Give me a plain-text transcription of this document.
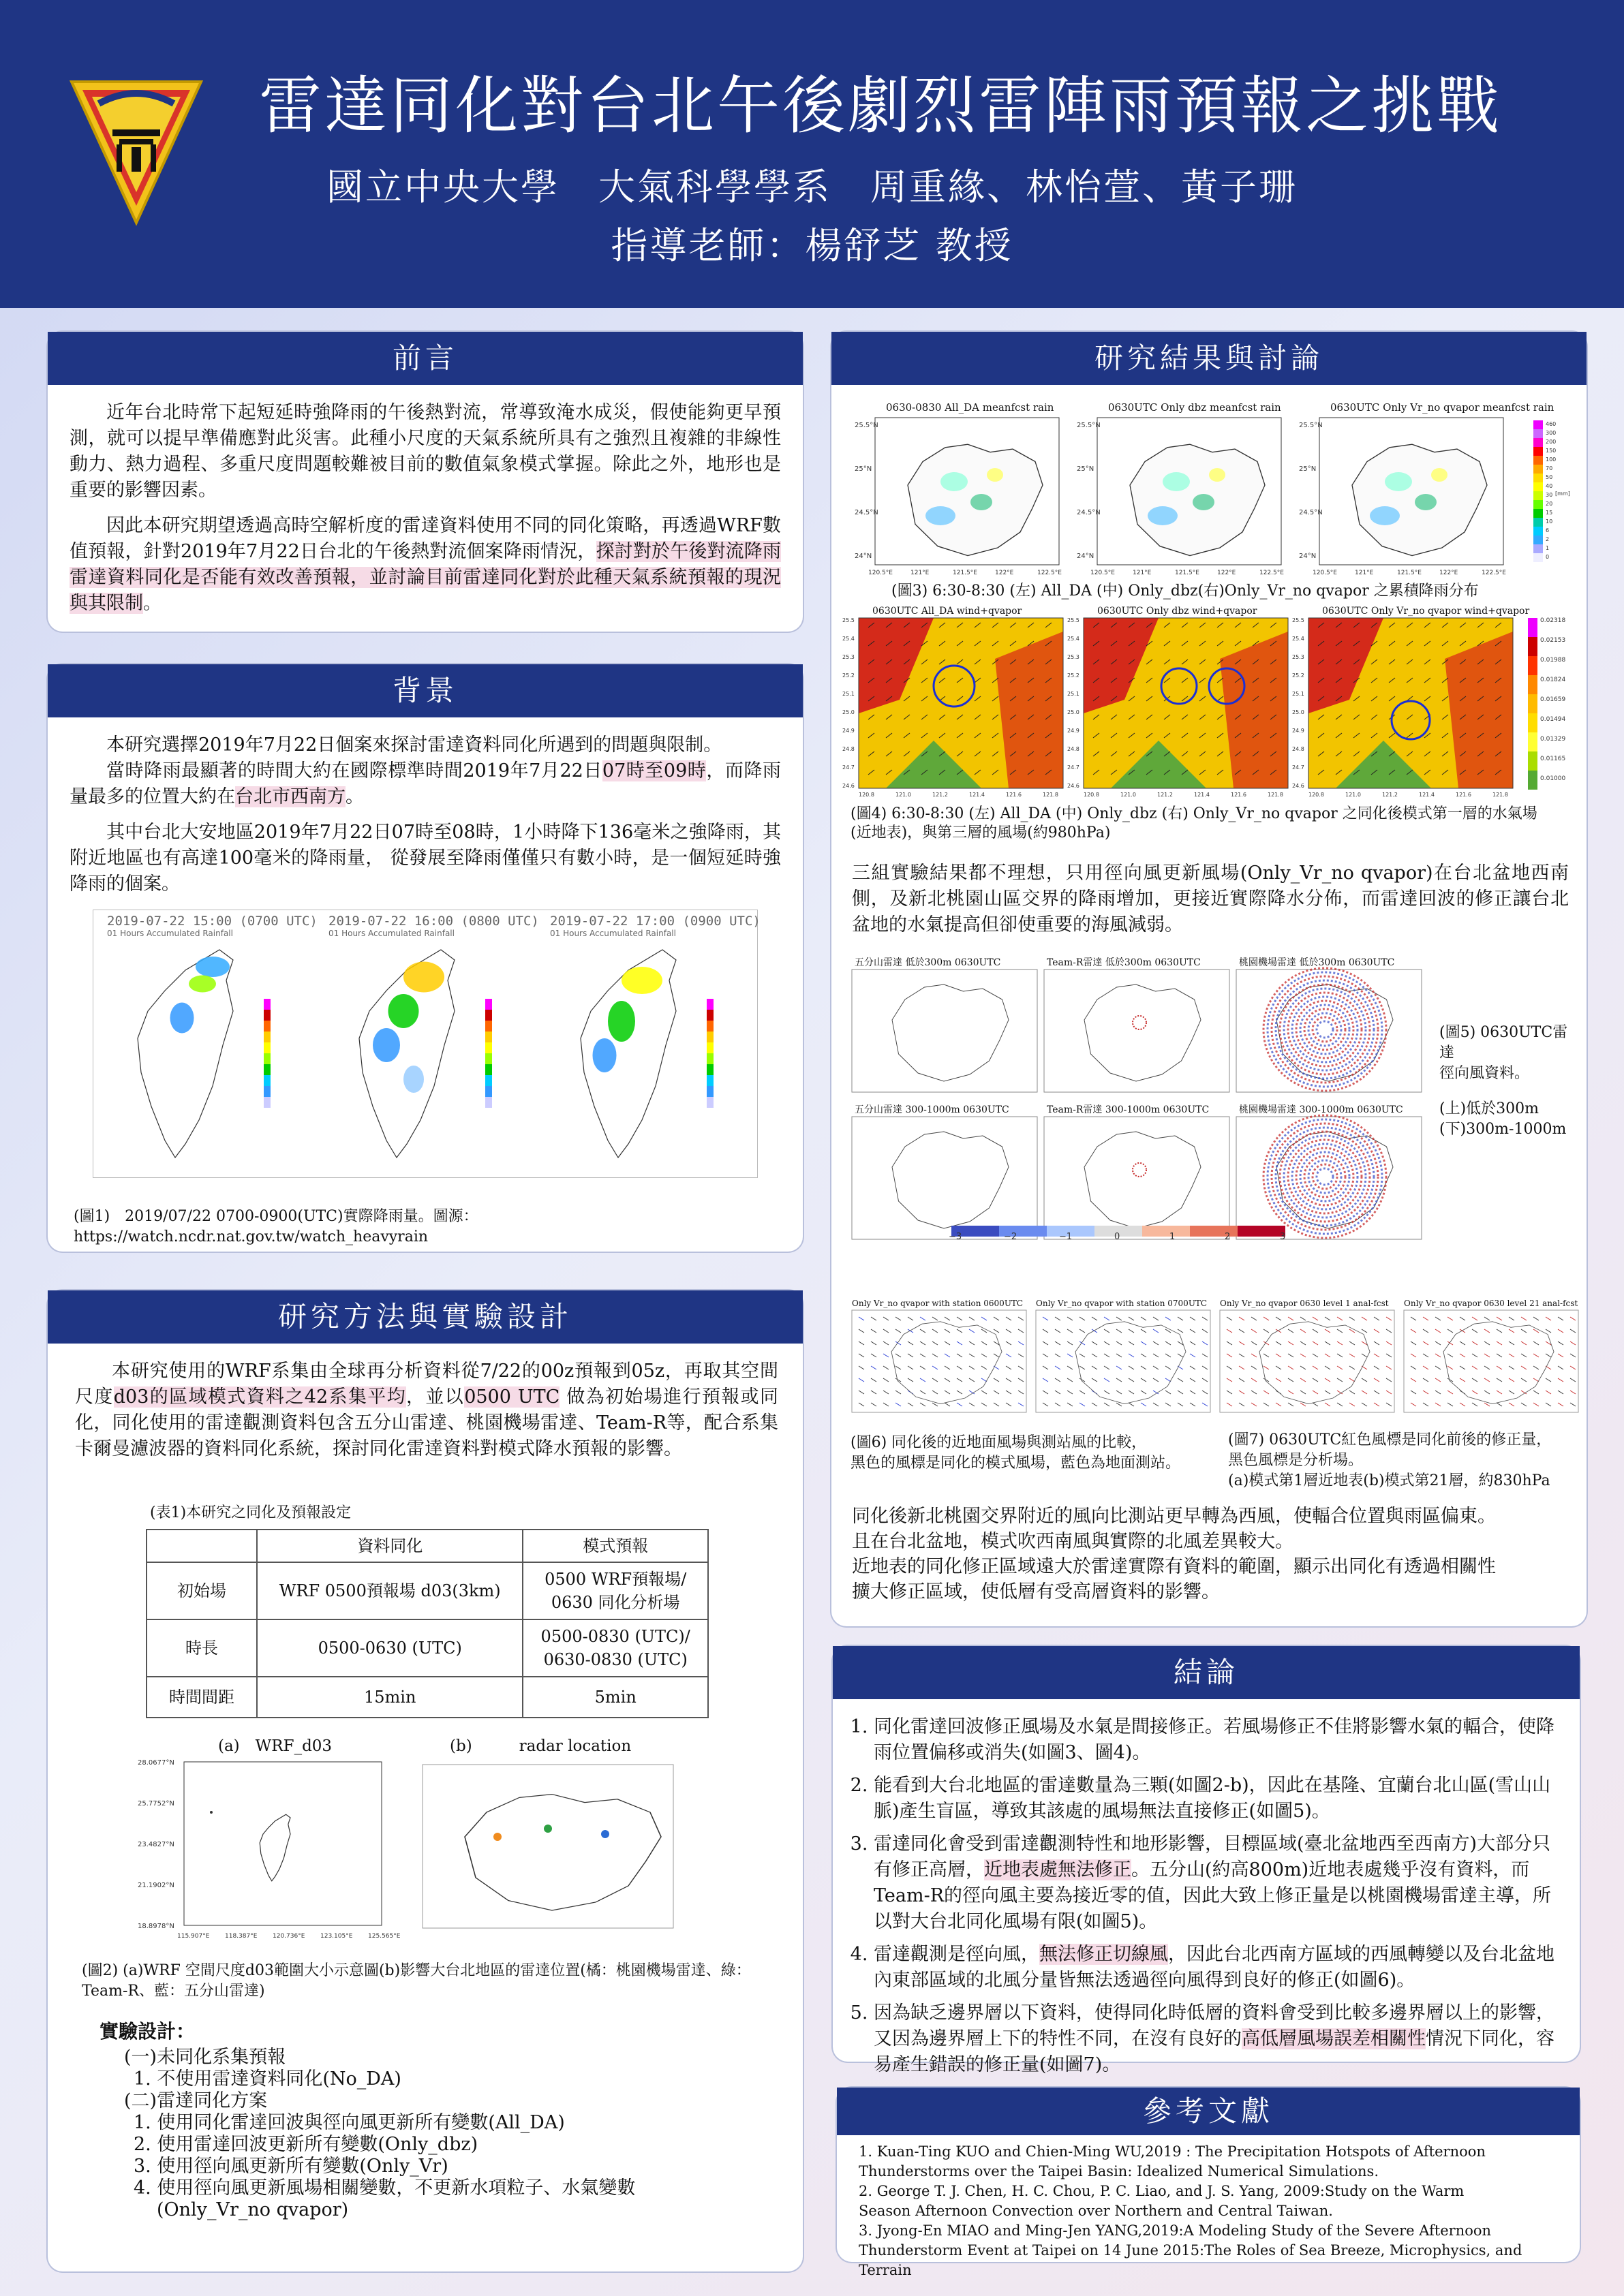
雷達同化對台北午後劇烈雷陣雨預報之挑戰
國立中央大學　大氣科學學系　周重緣、林怡萱、黃子珊
指導老師：楊舒芝 教授
前言
近年台北時常下起短延時強降雨的午後熱對流，常導致淹水成災，假使能夠更早預測，就可以提早準備應對此災害。此種小尺度的天氣系統所具有之強烈且複雜的非線性動力、熱力過程、多重尺度問題較難被目前的數值氣象模式掌握。除此之外，地形也是重要的影響因素。
因此本研究期望透過高時空解析度的雷達資料使用不同的同化策略，再透過WRF數值預報，針對2019年7月22日台北的午後熱對流個案降雨情況，探討對於午後對流降雨雷達資料同化是否能有效改善預報，並討論目前雷達同化對於此種天氣系統預報的現況與其限制。
背景
本研究選擇2019年7月22日個案來探討雷達資料同化所遇到的問題與限制。
當時降雨最顯著的時間大約在國際標準時間2019年7月22日07時至09時，而降雨量最多的位置大約在台北市西南方。
其中台北大安地區2019年7月22日07時至08時，1小時降下136毫米之強降雨，其附近地區也有高達100毫米的降雨量， 從發展至降雨僅僅只有數小時，是一個短延時強降雨的個案。
2019-07-22 15:00 (0700 UTC)
01 Hours Accumulated Rainfall
2019-07-22 16:00 (0800 UTC)
01 Hours Accumulated Rainfall
2019-07-22 17:00 (0900 UTC)
01 Hours Accumulated Rainfall
(圖1)　2019/07/22 0700-0900(UTC)實際降雨量。圖源：https://watch.ncdr.nat.gov.tw/watch_heavyrain
研究方法與實驗設計
本研究使用的WRF系集由全球再分析資料從7/22的00z預報到05z，再取其空間尺度d03的區域模式資料之42系集平均，並以0500 UTC 做為初始場進行預報或同化，同化使用的雷達觀測資料包含五分山雷達、桃園機場雷達、Team-R等，配合系集卡爾曼濾波器的資料同化系統，探討同化雷達資料對模式降水預報的影響。
(表1)本研究之同化及預報設定
	資料同化	模式預報
初始場	WRF 0500預報場 d03(3km)	0500 WRF預報場/
0630 同化分析場
時長	0500-0630 (UTC)	0500-0830 (UTC)/
0630-0830 (UTC)
時間間距	15min	5min
(a)　WRF_d03	(b)　　　radar location
28.0677°N
25.7752°N
23.4827°N
21.1902°N
18.8978°N
115.907°E	118.387°E	120.736°E	123.105°E	125.565°E
(圖2) (a)WRF 空間尺度d03範圍大小示意圖(b)影響大台北地區的雷達位置(橘：桃園機場雷達、綠：Team-R、藍：五分山雷達)
實驗設計：
(一)未同化系集預報
1. 不使用雷達資料同化(No_DA)
(二)雷達同化方案
1. 使用同化雷達回波與徑向風更新所有變數(All_DA)
2. 使用雷達回波更新所有變數(Only_dbz)
3. 使用徑向風更新所有變數(Only_Vr)
4. 使用徑向風更新風場相關變數，不更新水項粒子、水氣變數
(Only_Vr_no qvapor)
研究結果與討論
0630-0830 All_DA meanfcst rain
25.5°N
25°N
24.5°N
24°N
120.5°E	121°E	121.5°E	122°E	122.5°E
0630UTC Only dbz meanfcst rain
25.5°N
25°N
24.5°N
24°N
120.5°E	121°E	121.5°E	122°E	122.5°E
0630UTC Only Vr_no qvapor meanfcst rain
25.5°N
25°N
24.5°N
24°N
120.5°E	121°E	121.5°E	122°E	122.5°E
460
300
200
150
100
70
50
40
30
20
15
10
6
2
1
0
[mm]
(圖3) 6:30-8:30 (左) All_DA (中) Only_dbz(右)Only_Vr_no qvapor 之累積降雨分布
0630UTC All_DA wind+qvapor
25.5
25.4
25.3
25.2
25.1
25.0
24.9
24.8
24.7
24.6
120.8	121.0	121.2	121.4	121.6	121.8
0630UTC Only dbz wind+qvapor
25.5
25.4
25.3
25.2
25.1
25.0
24.9
24.8
24.7
24.6
120.8	121.0	121.2	121.4	121.6	121.8
0630UTC Only Vr_no qvapor wind+qvapor
25.5
25.4
25.3
25.2
25.1
25.0
24.9
24.8
24.7
24.6
120.8	121.0	121.2	121.4	121.6	121.8
0.02318
0.02153
0.01988
0.01824
0.01659
0.01494
0.01329
0.01165
0.01000
(圖4) 6:30-8:30 (左) All_DA (中) Only_dbz (右) Only_Vr_no qvapor 之同化後模式第一層的水氣場
(近地表)，與第三層的風場(約980hPa)
三組實驗結果都不理想，只用徑向風更新風場(Only_Vr_no qvapor)在台北盆地西南側，及新北桃園山區交界的降雨增加，更接近實際降水分佈，而雷達回波的修正讓台北盆地的水氣提高但卻使重要的海風減弱。
五分山雷達 低於300m 0630UTC	Team-R雷達 低於300m 0630UTC	桃園機場雷達 低於300m 0630UTC
五分山雷達 300-1000m 0630UTC	Team-R雷達 300-1000m 0630UTC	桃園機場雷達 300-1000m 0630UTC
−3	−2	−1	0	1	2	3
(圖5) 0630UTC雷達
徑向風資料。
(上)低於300m
(下)300m-1000m
Only Vr_no qvapor with station 0600UTC Only Vr_no qvapor with station 0700UTC Only Vr_no qvapor 0630 level 1 anal-fcst Only Vr_no qvapor 0630 level 21 anal-fcst
(圖6) 同化後的近地面風場與測站風的比較，
黑色的風標是同化的模式風場，藍色為地面測站。
(圖7) 0630UTC紅色風標是同化前後的修正量，
黑色風標是分析場。
(a)模式第1層近地表(b)模式第21層，約830hPa
同化後新北桃園交界附近的風向比測站更早轉為西風，使輻合位置與雨區偏東。
且在台北盆地，模式吹西南風與實際的北風差異較大。
近地表的同化修正區域遠大於雷達實際有資料的範圍，顯示出同化有透過相關性
擴大修正區域，使低層有受高層資料的影響。
結論
1. 同化雷達回波修正風場及水氣是間接修正。若風場修正不佳將影響水氣的輻合，使降雨位置偏移或消失(如圖3、圖4)。
2. 能看到大台北地區的雷達數量為三顆(如圖2-b)，因此在基隆、宜蘭台北山區(雪山山脈)產生盲區，導致其該處的風場無法直接修正(如圖5)。
3. 雷達同化會受到雷達觀測特性和地形影響，目標區域(臺北盆地西至西南方)大部分只有修正高層，近地表處無法修正。五分山(約高800m)近地表處幾乎沒有資料，而Team-R的徑向風主要為接近零的值，因此大致上修正量是以桃園機場雷達主導，所以對大台北同化風場有限(如圖5)。
4. 雷達觀測是徑向風，無法修正切線風，因此台北西南方區域的西風轉變以及台北盆地內東部區域的北風分量皆無法透過徑向風得到良好的修正(如圖6)。
5. 因為缺乏邊界層以下資料，使得同化時低層的資料會受到比較多邊界層以上的影響，又因為邊界層上下的特性不同，在沒有良好的高低層風場誤差相關性情況下同化，容易產生錯誤的修正量(如圖7)。
參考文獻
1. Kuan-Ting KUO and Chien-Ming WU,2019 : The Precipitation Hotspots of Afternoon
Thunderstorms over the Taipei Basin: Idealized Numerical Simulations.
2. George T. J. Chen, H. C. Chou, P. C. Liao, and J. S. Yang, 2009:Study on the Warm
Season Afternoon Convection over Northern and Central Taiwan.
3. Jyong-En MIAO and Ming-Jen YANG,2019:A Modeling Study of the Severe Afternoon
Thunderstorm Event at Taipei on 14 June 2015:The Roles of Sea Breeze, Microphysics, and Terrain
